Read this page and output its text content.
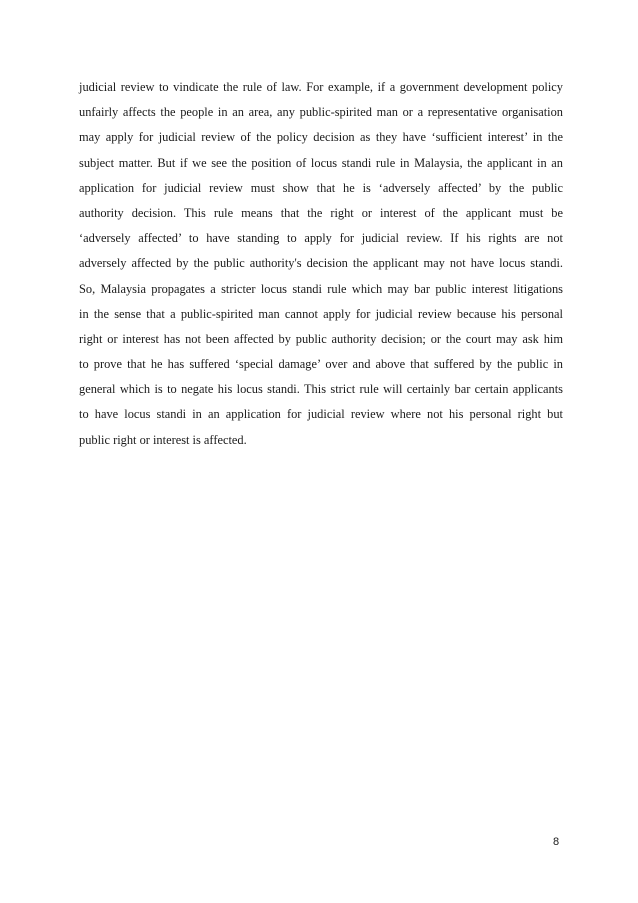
judicial review to vindicate the rule of law. For example, if a government development policy
unfairly affects the people in an area, any public-spirited man or a representative organisation
may apply for judicial review of the policy decision as they have ‘sufficient interest’ in the
subject matter. But if we see the position of locus standi rule in Malaysia, the applicant in an
application for judicial review must show that he is ‘adversely affected’ by the public
authority decision. This rule means that the right or interest of the applicant must be
‘adversely affected’ to have standing to apply for judicial review. If his rights are not
adversely affected by the public authority's decision the applicant may not have locus standi.
So, Malaysia propagates a stricter locus standi rule which may bar public interest litigations
in the sense that a public-spirited man cannot apply for judicial review because his personal
right or interest has not been affected by public authority decision; or the court may ask him
to prove that he has suffered ‘special damage’ over and above that suffered by the public in
general which is to negate his locus standi. This strict rule will certainly bar certain applicants
to have locus standi in an application for judicial review where not his personal right but
public right or interest is affected.
8
